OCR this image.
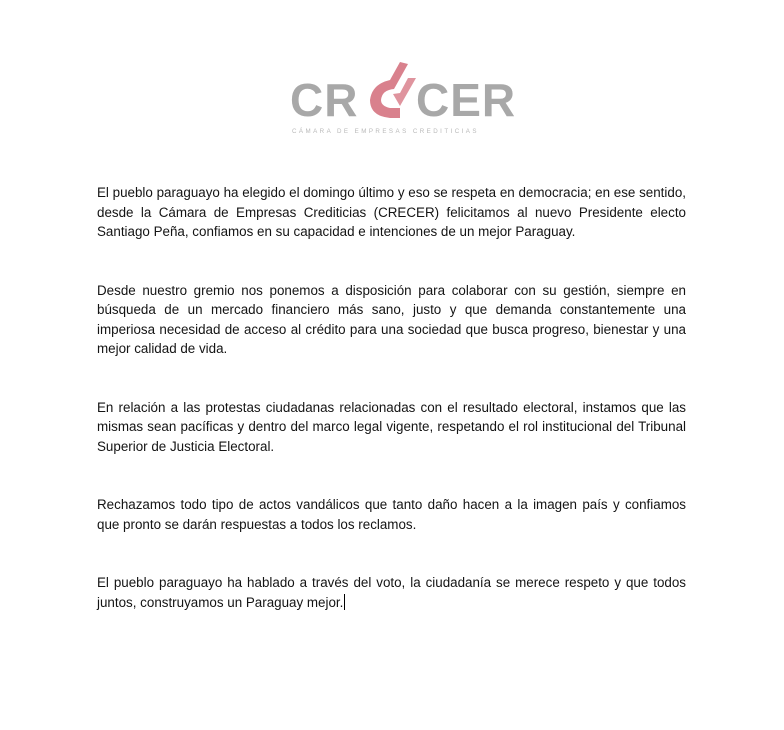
CR CER
CÁMARA DE EMPRESAS CREDITICIAS

El pueblo paraguayo ha elegido el domingo último y eso se respeta en democracia; en ese sentido, desde la Cámara de Empresas Crediticias (CRECER) felicitamos al nuevo Presidente electo Santiago Peña, confiamos en su capacidad e intenciones de un mejor Paraguay.

Desde nuestro gremio nos ponemos a disposición para colaborar con su gestión, siempre en búsqueda de un mercado financiero más sano, justo y que demanda constantemente una imperiosa necesidad de acceso al crédito para una sociedad que busca progreso, bienestar y una mejor calidad de vida.

En relación a las protestas ciudadanas relacionadas con el resultado electoral, instamos que las mismas sean pacíficas y dentro del marco legal vigente, respetando el rol institucional del Tribunal Superior de Justicia Electoral.

Rechazamos todo tipo de actos vandálicos que tanto daño hacen a la imagen país y confiamos que pronto se darán respuestas a todos los reclamos.

El pueblo paraguayo ha hablado a través del voto, la ciudadanía se merece respeto y que todos juntos, construyamos un Paraguay mejor.
